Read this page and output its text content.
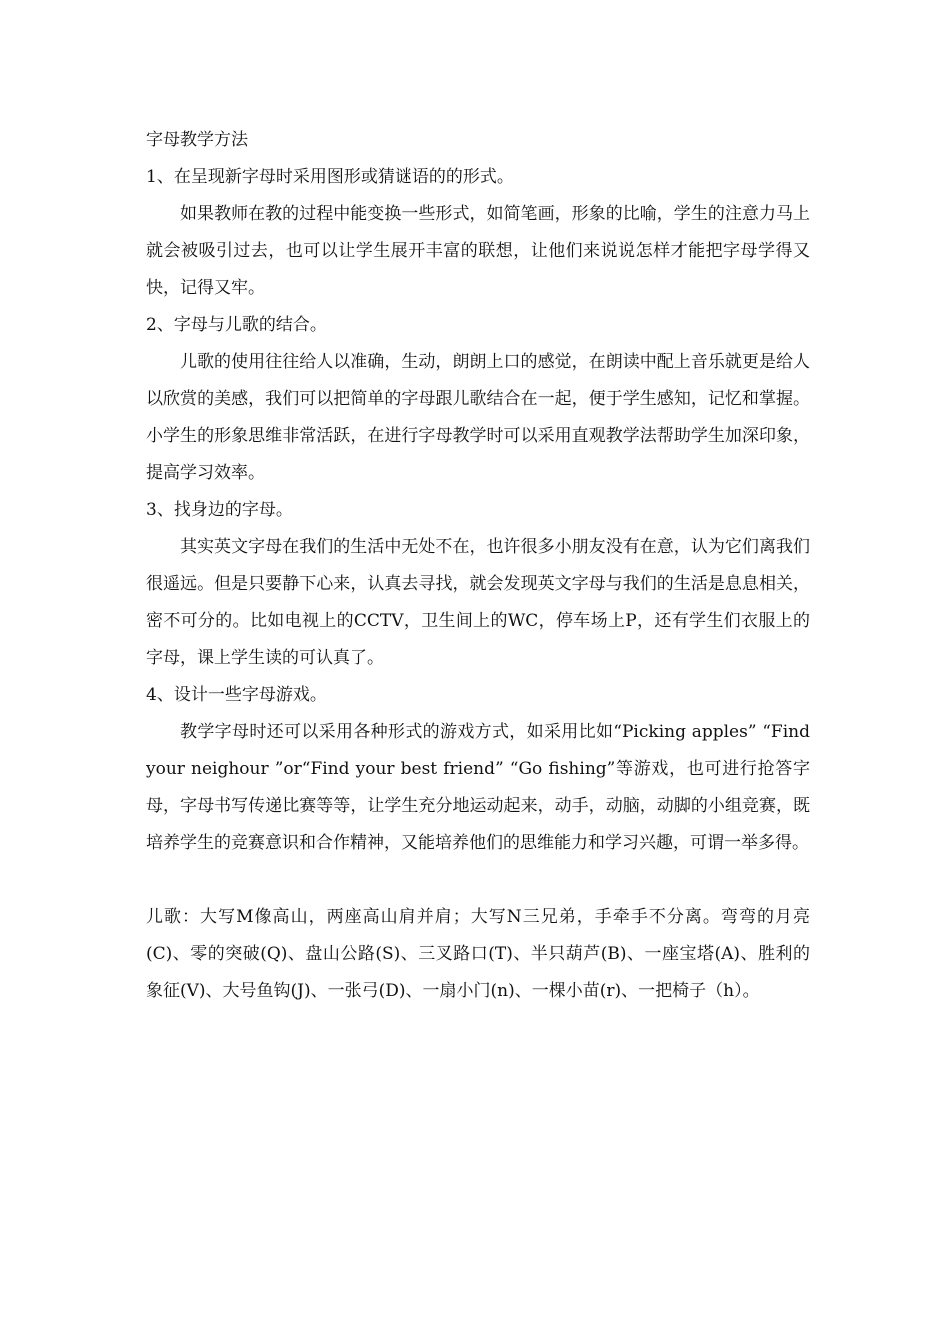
字母教学方法

1、在呈现新字母时采用图形或猜谜语的的形式。

如果教师在教的过程中能变换一些形式，如简笔画，形象的比喻，学生的注意力马上就会被吸引过去，也可以让学生展开丰富的联想，让他们来说说怎样才能把字母学得又快，记得又牢。

2、字母与儿歌的结合。

儿歌的使用往往给人以准确，生动，朗朗上口的感觉，在朗读中配上音乐就更是给人以欣赏的美感，我们可以把简单的字母跟儿歌结合在一起，便于学生感知，记忆和掌握。小学生的形象思维非常活跃，在进行字母教学时可以采用直观教学法帮助学生加深印象，提高学习效率。

3、找身边的字母。

其实英文字母在我们的生活中无处不在，也许很多小朋友没有在意，认为它们离我们很遥远。但是只要静下心来，认真去寻找，就会发现英文字母与我们的生活是息息相关，密不可分的。比如电视上的CCTV，卫生间上的WC，停车场上P，还有学生们衣服上的字母，课上学生读的可认真了。

4、设计一些字母游戏。

教学字母时还可以采用各种形式的游戏方式，如采用比如“Picking apples” “Find your neighour ”or“Find your best friend” “Go fishing”等游戏，也可进行抢答字母，字母书写传递比赛等等，让学生充分地运动起来，动手，动脑，动脚的小组竞赛，既培养学生的竞赛意识和合作精神，又能培养他们的思维能力和学习兴趣，可谓一举多得。

儿歌：大写M像高山，两座高山肩并肩；大写N三兄弟，手牵手不分离。弯弯的月亮(C)、零的突破(Q)、盘山公路(S)、三叉路口(T)、半只葫芦(B)、一座宝塔(A)、胜利的象征(V)、大号鱼钩(J)、一张弓(D)、一扇小门(n)、一棵小苗(r)、一把椅子（h）。
